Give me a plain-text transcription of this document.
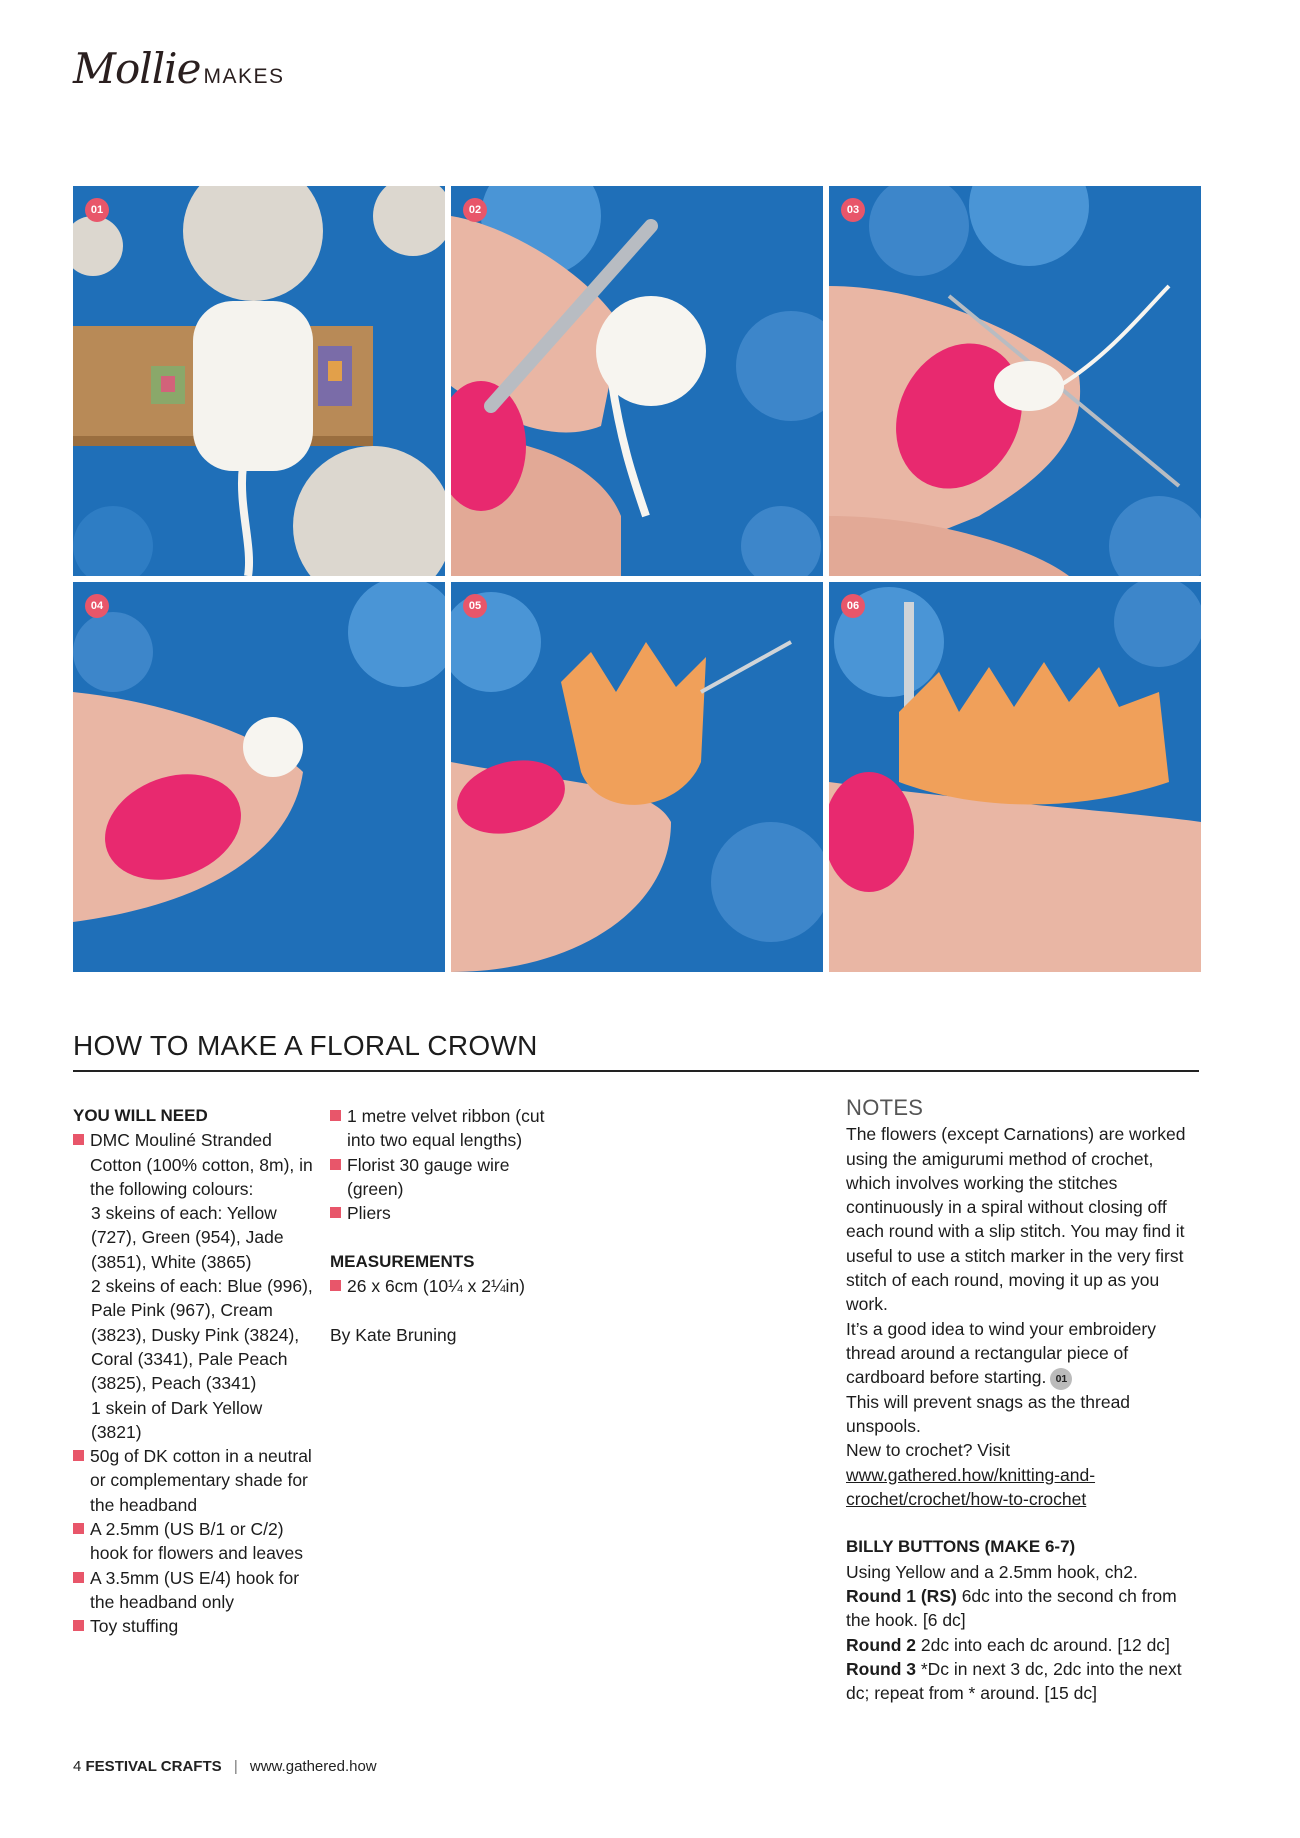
Mollie MAKES
01	02	03
04	05	06
HOW TO MAKE A FLORAL CROWN
YOU WILL NEED
DMC Mouliné Stranded Cotton (100% cotton, 8m), in the following colours:
3 skeins of each: Yellow (727), Green (954), Jade (3851), White (3865)
2 skeins of each: Blue (996), Pale Pink (967), Cream (3823), Dusky Pink (3824), Coral (3341), Pale Peach (3825), Peach (3341)
1 skein of Dark Yellow (3821)
50g of DK cotton in a neutral or complementary shade for the headband
A 2.5mm (US B/1 or C/2) hook for flowers and leaves
A 3.5mm (US E/4) hook for the headband only
Toy stuffing
1 metre velvet ribbon (cut into two equal lengths)
Florist 30 gauge wire (green)
Pliers
MEASUREMENTS
26 x 6cm (10¼ x 2¼in)
By Kate Bruning
NOTES

The flowers (except Carnations) are worked using the amigurumi method of crochet, which involves working the stitches continuously in a spiral without closing off each round with a slip stitch. You may find it useful to use a stitch marker in the very first stitch of each round, moving it up as you work.

It’s a good idea to wind your embroidery thread around a rectangular piece of cardboard before starting. 01

This will prevent snags as the thread unspools.

New to crochet? Visit www.gathered.how/knitting-and-crochet/crochet/how-to-crochet

BILLY BUTTONS (MAKE 6-7)

Using Yellow and a 2.5mm hook, ch2.

Round 1 (RS) 6dc into the second ch from the hook. [6 dc]

Round 2 2dc into each dc around. [12 dc]

Round 3 *Dc in next 3 dc, 2dc into the next dc; repeat from * around. [15 dc]

4 FESTIVAL CRAFTS | www.gathered.how
